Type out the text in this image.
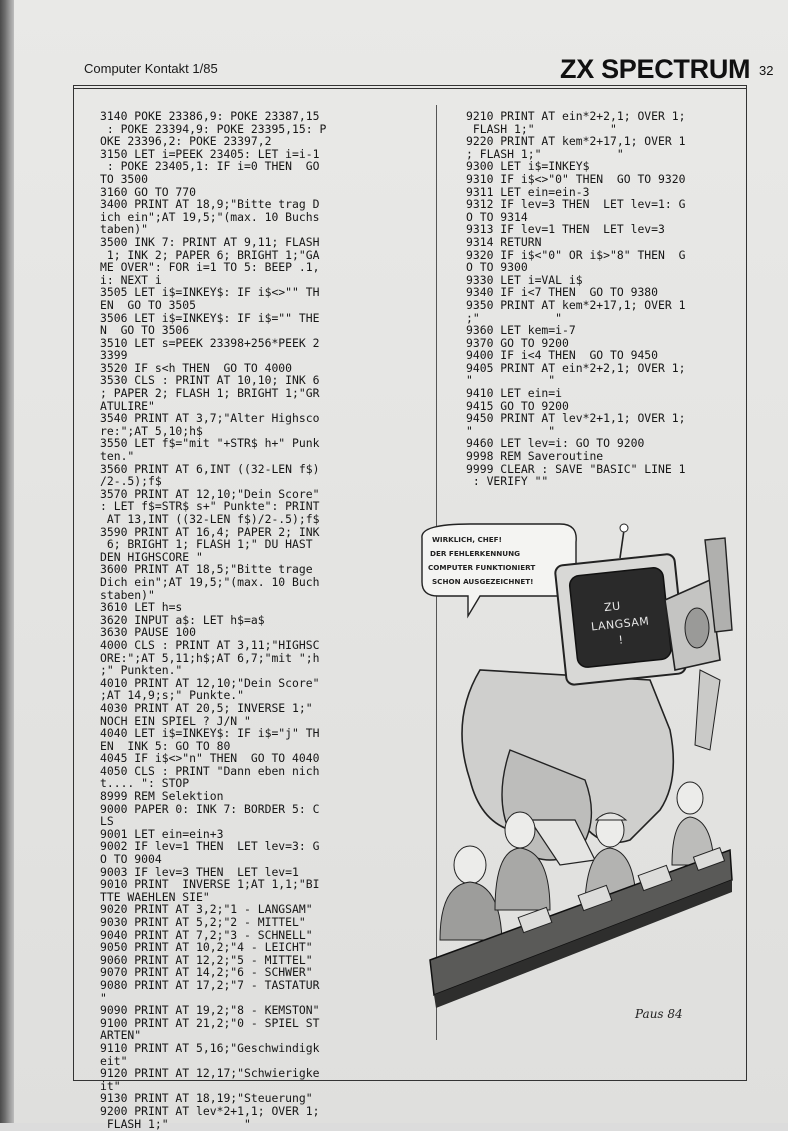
Computer Kontakt 1/85	ZX SPECTRUM 32
3140 POKE 23386,9: POKE 23387,15
: POKE 23394,9: POKE 23395,15: P
OKE 23396,2: POKE 23397,2
3150 LET i=PEEK 23405: LET i=i-1
: POKE 23405,1: IF i=0 THEN  GO
TO 3500
3160 GO TO 770
3400 PRINT AT 18,9;"Bitte trag D
ich ein";AT 19,5;"(max. 10 Buchs
taben)"
3500 INK 7: PRINT AT 9,11; FLASH
1; INK 2; PAPER 6; BRIGHT 1;"GA
ME OVER": FOR i=1 TO 5: BEEP .1,
i: NEXT i
3505 LET i$=INKEY$: IF i$<>"" TH
EN  GO TO 3505
3506 LET i$=INKEY$: IF i$="" THE
N  GO TO 3506
3510 LET s=PEEK 23398+256*PEEK 2
3399
3520 IF s<h THEN  GO TO 4000
3530 CLS : PRINT AT 10,10; INK 6
; PAPER 2; FLASH 1; BRIGHT 1;"GR
ATULIRE"
3540 PRINT AT 3,7;"Alter Highsco
re:";AT 5,10;h$
3550 LET f$="mit "+STR$ h+" Punk
ten."
3560 PRINT AT 6,INT ((32-LEN f$)
/2-.5);f$
3570 PRINT AT 12,10;"Dein Score"
: LET f$=STR$ s+" Punkte": PRINT
AT 13,INT ((32-LEN f$)/2-.5);f$
3590 PRINT AT 16,4; PAPER 2; INK
6; BRIGHT 1; FLASH 1;" DU HAST
DEN HIGHSCORE "
3600 PRINT AT 18,5;"Bitte trage
Dich ein";AT 19,5;"(max. 10 Buch
staben)"
3610 LET h=s
3620 INPUT a$: LET h$=a$
3630 PAUSE 100
4000 CLS : PRINT AT 3,11;"HIGHSC
ORE:";AT 5,11;h$;AT 6,7;"mit ";h
;" Punkten."
4010 PRINT AT 12,10;"Dein Score"
;AT 14,9;s;" Punkte."
4030 PRINT AT 20,5; INVERSE 1;"
NOCH EIN SPIEL ? J/N "
4040 LET i$=INKEY$: IF i$="j" TH
EN  INK 5: GO TO 80
4045 IF i$<>"n" THEN  GO TO 4040
4050 CLS : PRINT "Dann eben nich
t.... ": STOP
8999 REM Selektion
9000 PAPER 0: INK 7: BORDER 5: C
LS
9001 LET ein=ein+3
9002 IF lev=1 THEN  LET lev=3: G
O TO 9004
9003 IF lev=3 THEN  LET lev=1
9010 PRINT  INVERSE 1;AT 1,1;"BI
TTE WAEHLEN SIE"
9020 PRINT AT 3,2;"1 - LANGSAM"
9030 PRINT AT 5,2;"2 - MITTEL"
9040 PRINT AT 7,2;"3 - SCHNELL"
9050 PRINT AT 10,2;"4 - LEICHT"
9060 PRINT AT 12,2;"5 - MITTEL"
9070 PRINT AT 14,2;"6 - SCHWER"
9080 PRINT AT 17,2;"7 - TASTATUR
"
9090 PRINT AT 19,2;"8 - KEMSTON"
9100 PRINT AT 21,2;"0 - SPIEL ST
ARTEN"
9110 PRINT AT 5,16;"Geschwindigk
eit"
9120 PRINT AT 12,17;"Schwierigke
it"
9130 PRINT AT 18,19;"Steuerung"
9200 PRINT AT lev*2+1,1; OVER 1;
FLASH 1;"           "
9210 PRINT AT ein*2+2,1; OVER 1;
FLASH 1;"           "
9220 PRINT AT kem*2+17,1; OVER 1
; FLASH 1;"           "
9300 LET i$=INKEY$
9310 IF i$<>"0" THEN  GO TO 9320
9311 LET ein=ein-3
9312 IF lev=3 THEN  LET lev=1: G
O TO 9314
9313 IF lev=1 THEN  LET lev=3
9314 RETURN
9320 IF i$<"0" OR i$>"8" THEN  G
O TO 9300
9330 LET i=VAL i$
9340 IF i<7 THEN  GO TO 9380
9350 PRINT AT kem*2+17,1; OVER 1
;"           "
9360 LET kem=i-7
9370 GO TO 9200
9400 IF i<4 THEN  GO TO 9450
9405 PRINT AT ein*2+2,1; OVER 1;
"           "
9410 LET ein=i
9415 GO TO 9200
9450 PRINT AT lev*2+1,1; OVER 1;
"           "
9460 LET lev=i: GO TO 9200
9998 REM Saveroutine
9999 CLEAR : SAVE "BASIC" LINE 1
: VERIFY ""
WIRKLICH, CHEF!
DER FEHLERKENNUNG
COMPUTER FUNKTIONIERT
SCHON AUSGEZEICHNET!
ZU
LANGSAM
!
Paus 84
